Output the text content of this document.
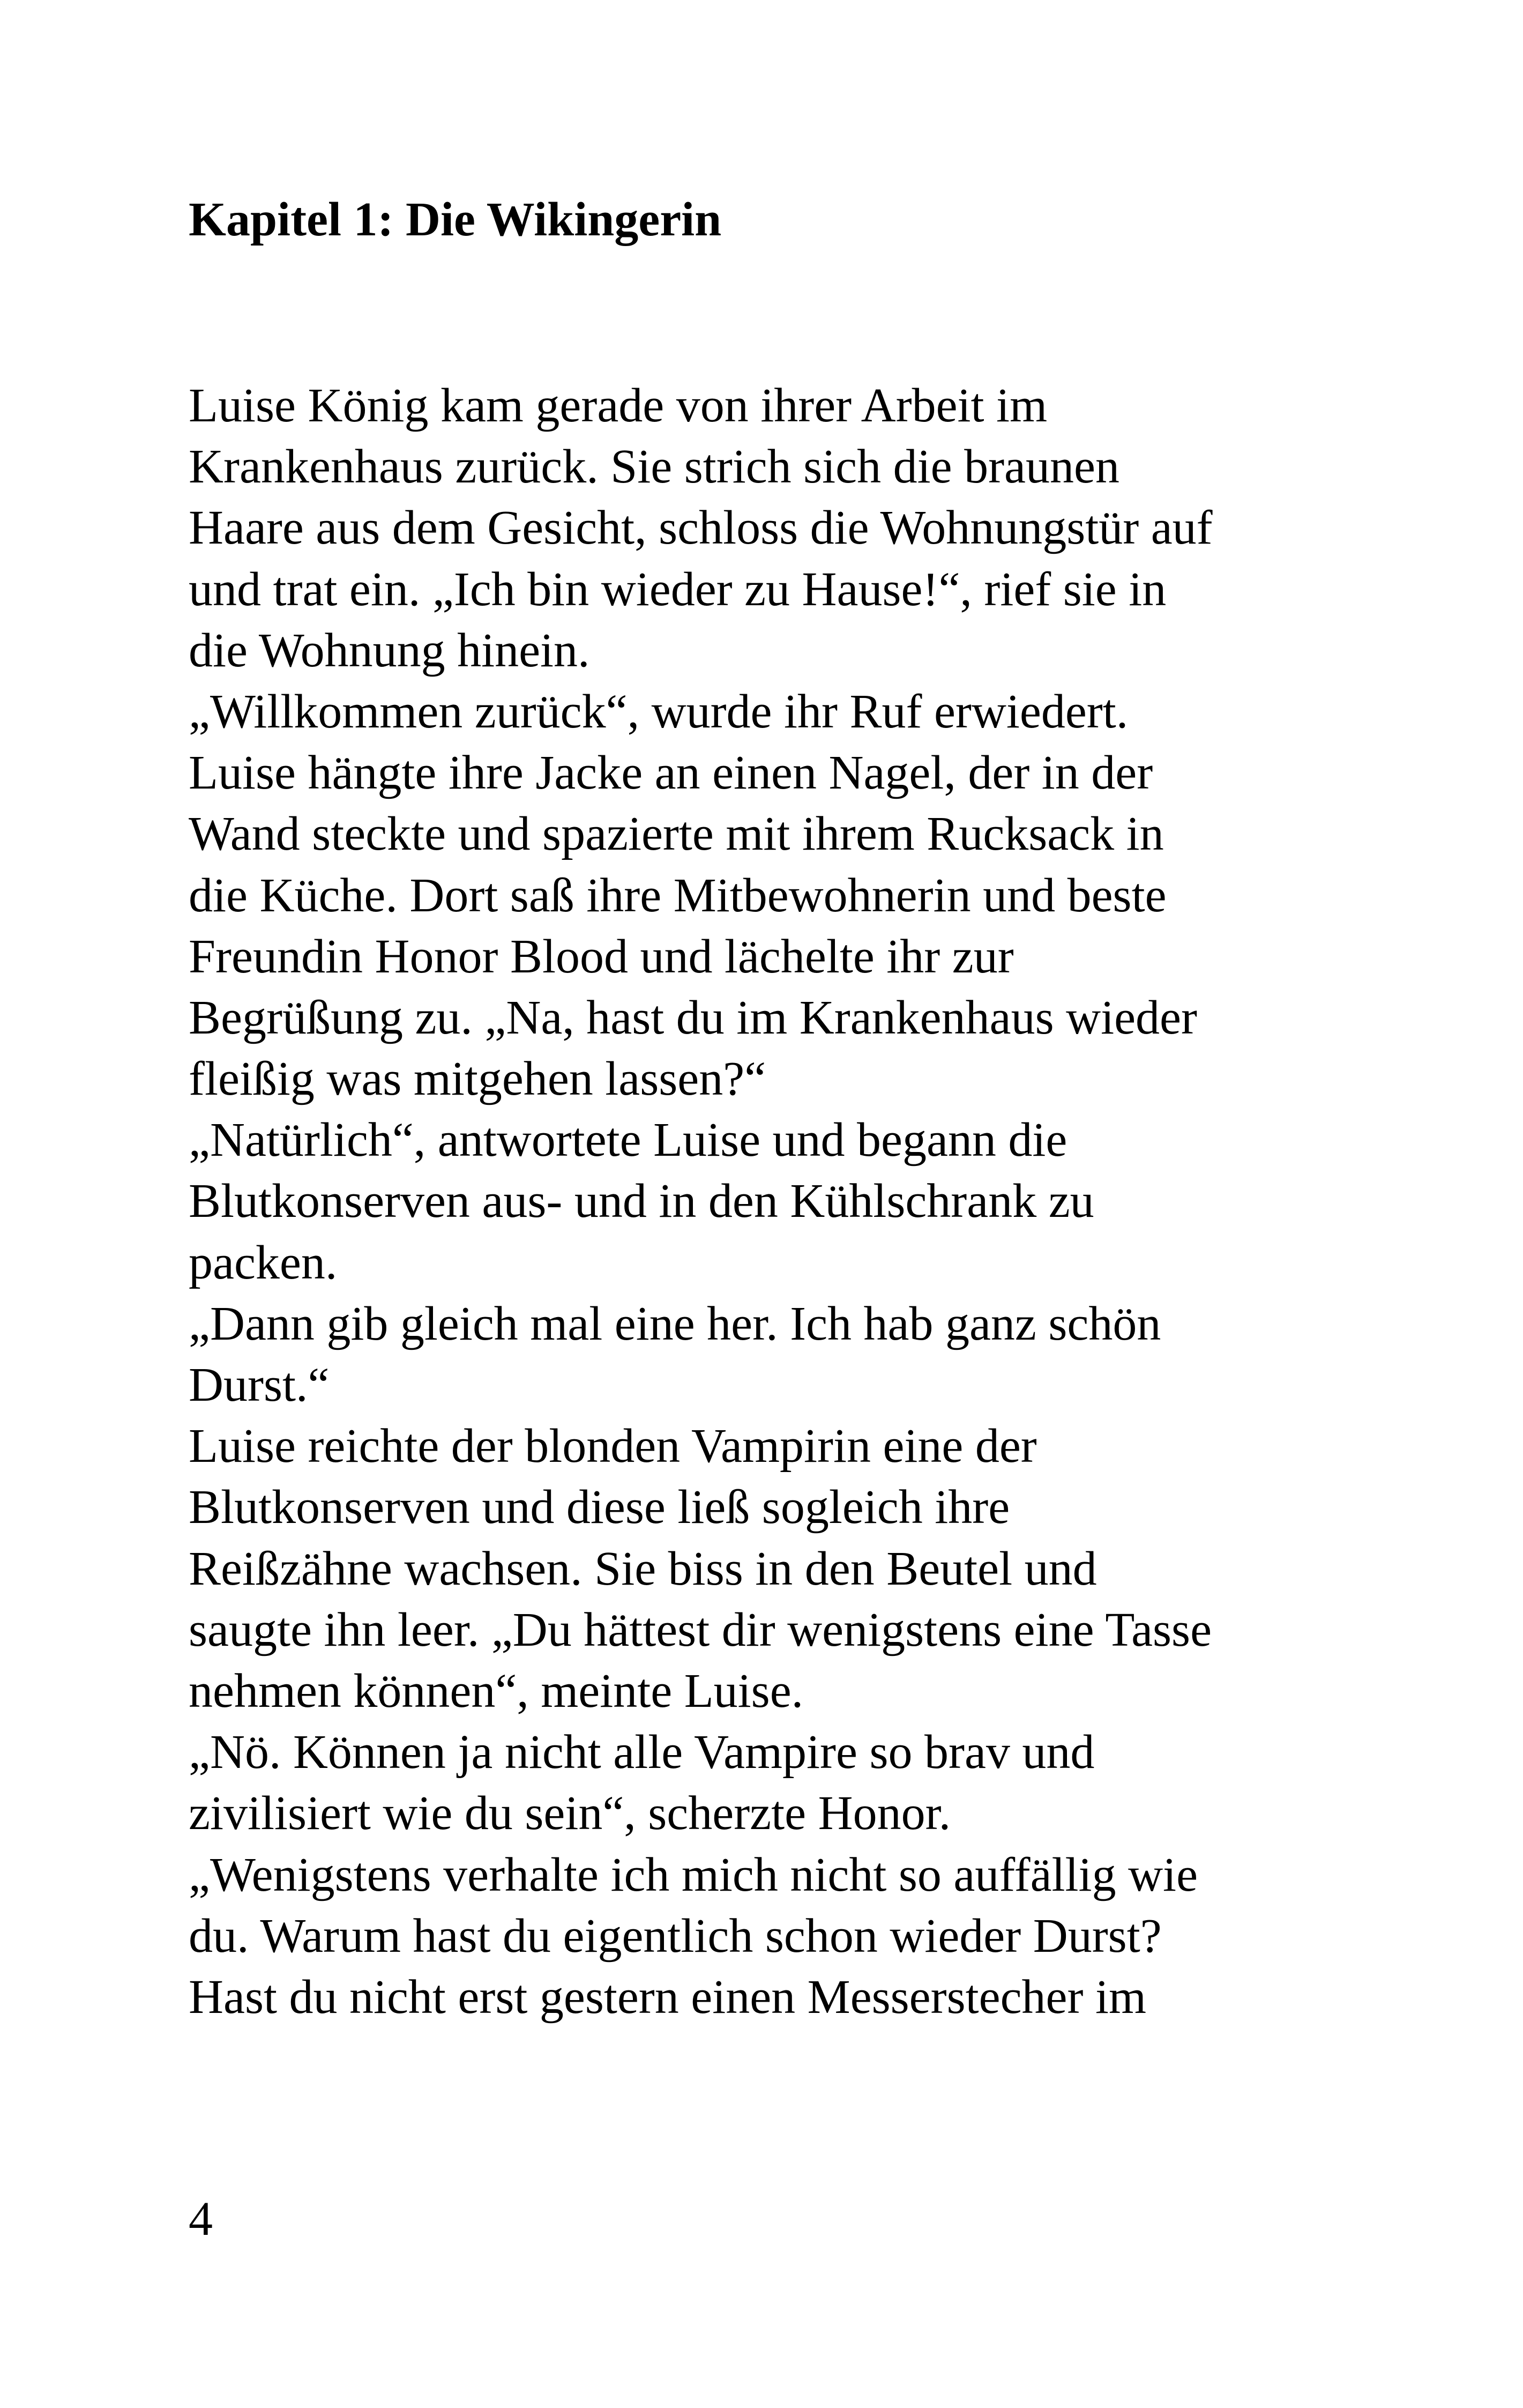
Kapitel 1: Die Wikingerin
Luise König kam gerade von ihrer Arbeit im
Krankenhaus zurück. Sie strich sich die braunen
Haare aus dem Gesicht, schloss die Wohnungstür auf
und trat ein. „Ich bin wieder zu Hause!“, rief sie in
die Wohnung hinein.
„Willkommen zurück“, wurde ihr Ruf erwiedert.
Luise hängte ihre Jacke an einen Nagel, der in der
Wand steckte und spazierte mit ihrem Rucksack in
die Küche. Dort saß ihre Mitbewohnerin und beste
Freundin Honor Blood und lächelte ihr zur
Begrüßung zu. „Na, hast du im Krankenhaus wieder
fleißig was mitgehen lassen?“
„Natürlich“, antwortete Luise und begann die
Blutkonserven aus- und in den Kühlschrank zu
packen.
„Dann gib gleich mal eine her. Ich hab ganz schön
Durst.“
Luise reichte der blonden Vampirin eine der
Blutkonserven und diese ließ sogleich ihre
Reißzähne wachsen. Sie biss in den Beutel und
saugte ihn leer. „Du hättest dir wenigstens eine Tasse
nehmen können“, meinte Luise.
„Nö. Können ja nicht alle Vampire so brav und
zivilisiert wie du sein“, scherzte Honor.
„Wenigstens verhalte ich mich nicht so auffällig wie
du. Warum hast du eigentlich schon wieder Durst?
Hast du nicht erst gestern einen Messerstecher im
4
